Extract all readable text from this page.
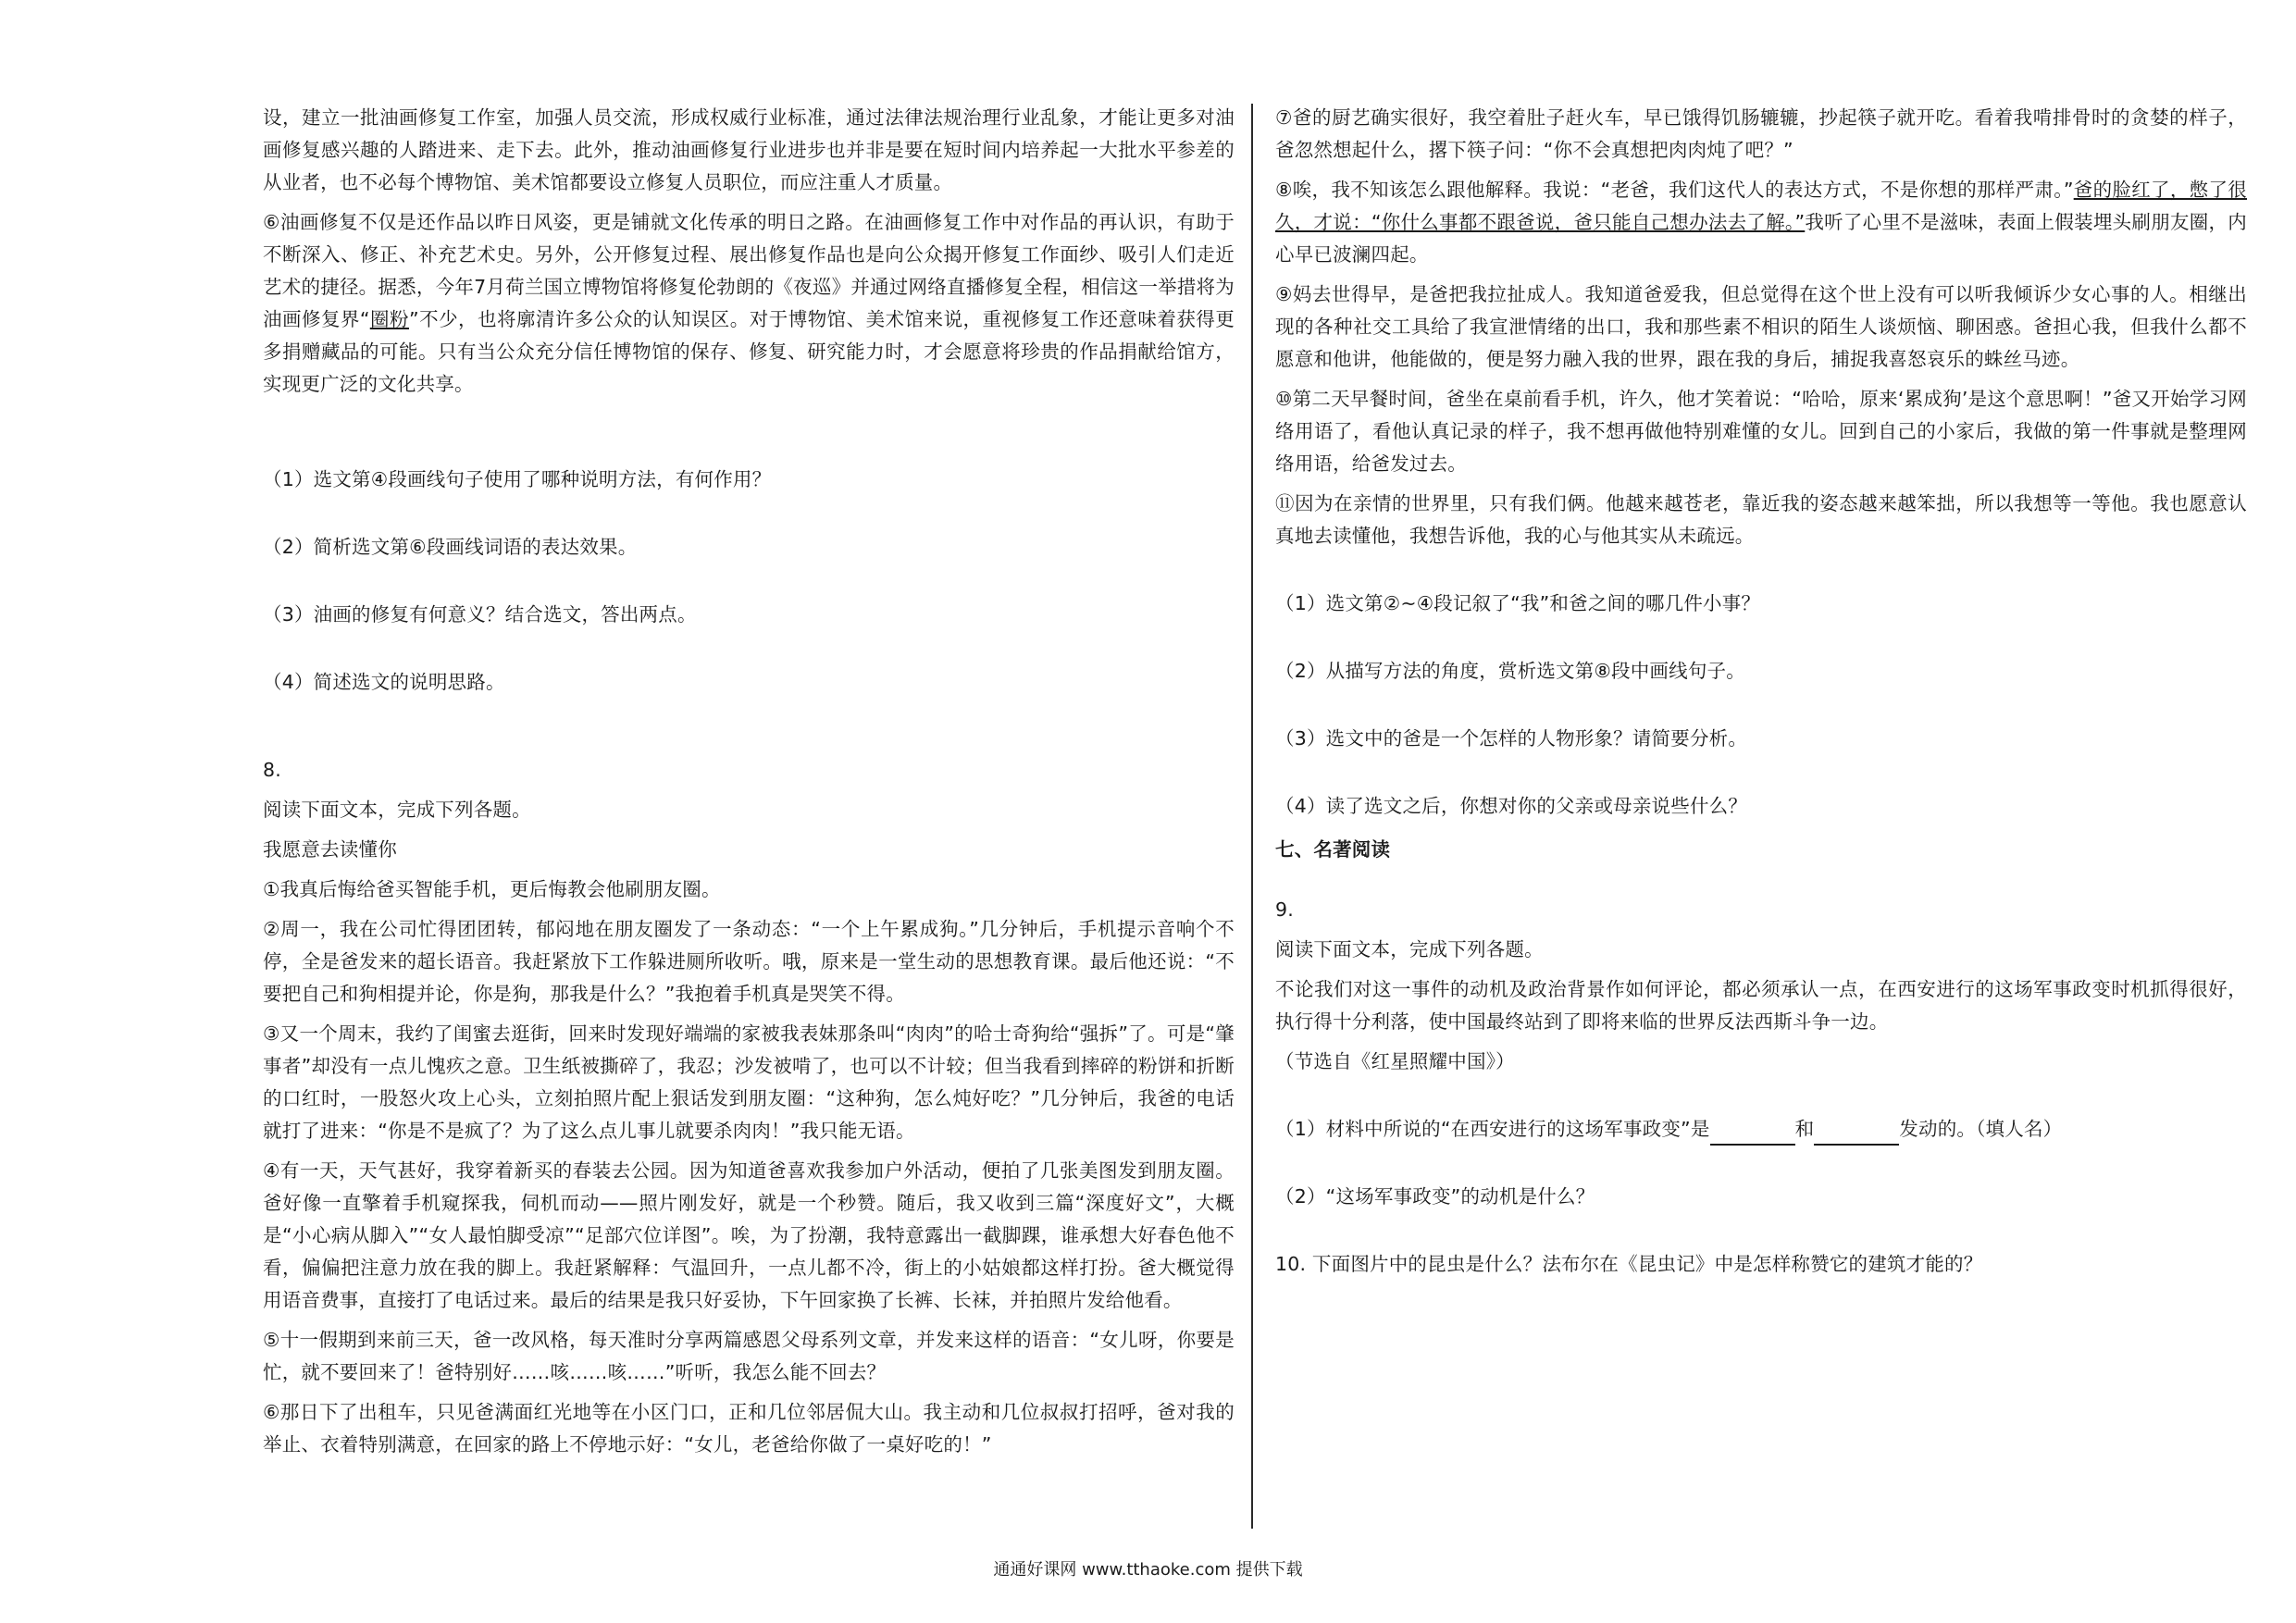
设，建立一批油画修复工作室，加强人员交流，形成权威行业标准，通过法律法规治理行业乱象，才能让更多对油画修复感兴趣的人踏进来、走下去。此外，推动油画修复行业进步也并非是要在短时间内培养起一大批水平参差的从业者，也不必每个博物馆、美术馆都要设立修复人员职位，而应注重人才质量。

⑥油画修复不仅是还作品以昨日风姿，更是铺就文化传承的明日之路。在油画修复工作中对作品的再认识，有助于不断深入、修正、补充艺术史。另外，公开修复过程、展出修复作品也是向公众揭开修复工作面纱、吸引人们走近艺术的捷径。据悉，今年7月荷兰国立博物馆将修复伦勃朗的《夜巡》并通过网络直播修复全程，相信这一举措将为油画修复界“圈粉”不少，也将廓清许多公众的认知误区。对于博物馆、美术馆来说，重视修复工作还意味着获得更多捐赠藏品的可能。只有当公众充分信任博物馆的保存、修复、研究能力时，才会愿意将珍贵的作品捐献给馆方，实现更广泛的文化共享。

（1）选文第④段画线句子使用了哪种说明方法，有何作用？

（2）简析选文第⑥段画线词语的表达效果。

（3）油画的修复有何意义？结合选文，答出两点。

（4）简述选文的说明思路。

8.

阅读下面文本，完成下列各题。

我愿意去读懂你

①我真后悔给爸买智能手机，更后悔教会他刷朋友圈。

②周一，我在公司忙得团团转，郁闷地在朋友圈发了一条动态：“一个上午累成狗。”几分钟后，手机提示音响个不停，全是爸发来的超长语音。我赶紧放下工作躲进厕所收听。哦，原来是一堂生动的思想教育课。最后他还说：“不要把自己和狗相提并论，你是狗，那我是什么？”我抱着手机真是哭笑不得。

③又一个周末，我约了闺蜜去逛街，回来时发现好端端的家被我表妹那条叫“肉肉”的哈士奇狗给“强拆”了。可是“肇事者”却没有一点儿愧疚之意。卫生纸被撕碎了，我忍；沙发被啃了，也可以不计较；但当我看到摔碎的粉饼和折断的口红时，一股怒火攻上心头，立刻拍照片配上狠话发到朋友圈：“这种狗，怎么炖好吃？”几分钟后，我爸的电话就打了进来：“你是不是疯了？为了这么点儿事儿就要杀肉肉！”我只能无语。

④有一天，天气甚好，我穿着新买的春装去公园。因为知道爸喜欢我参加户外活动，便拍了几张美图发到朋友圈。爸好像一直擎着手机窥探我，伺机而动——照片刚发好，就是一个秒赞。随后，我又收到三篇“深度好文”，大概是“小心病从脚入”“女人最怕脚受凉”“足部穴位详图”。唉，为了扮潮，我特意露出一截脚踝，谁承想大好春色他不看，偏偏把注意力放在我的脚上。我赶紧解释：气温回升，一点儿都不冷，街上的小姑娘都这样打扮。爸大概觉得用语音费事，直接打了电话过来。最后的结果是我只好妥协，下午回家换了长裤、长袜，并拍照片发给他看。

⑤十一假期到来前三天，爸一改风格，每天准时分享两篇感恩父母系列文章，并发来这样的语音：“女儿呀，你要是忙，就不要回来了！爸特别好……咳……咳……”听听，我怎么能不回去？

⑥那日下了出租车，只见爸满面红光地等在小区门口，正和几位邻居侃大山。我主动和几位叔叔打招呼，爸对我的举止、衣着特别满意，在回家的路上不停地示好：“女儿，老爸给你做了一桌好吃的！”

⑦爸的厨艺确实很好，我空着肚子赶火车，早已饿得饥肠辘辘，抄起筷子就开吃。看着我啃排骨时的贪婪的样子，爸忽然想起什么，撂下筷子问：“你不会真想把肉肉炖了吧？”

⑧唉，我不知该怎么跟他解释。我说：“老爸，我们这代人的表达方式，不是你想的那样严肃。”爸的脸红了，憋了很久，才说：“你什么事都不跟爸说，爸只能自己想办法去了解。”我听了心里不是滋味，表面上假装埋头刷朋友圈，内心早已波澜四起。

⑨妈去世得早，是爸把我拉扯成人。我知道爸爱我，但总觉得在这个世上没有可以听我倾诉少女心事的人。相继出现的各种社交工具给了我宣泄情绪的出口，我和那些素不相识的陌生人谈烦恼、聊困惑。爸担心我，但我什么都不愿意和他讲，他能做的，便是努力融入我的世界，跟在我的身后，捕捉我喜怒哀乐的蛛丝马迹。

⑩第二天早餐时间，爸坐在桌前看手机，许久，他才笑着说：“哈哈，原来‘累成狗’是这个意思啊！”爸又开始学习网络用语了，看他认真记录的样子，我不想再做他特别难懂的女儿。回到自己的小家后，我做的第一件事就是整理网络用语，给爸发过去。

⑪因为在亲情的世界里，只有我们俩。他越来越苍老，靠近我的姿态越来越笨拙，所以我想等一等他。我也愿意认真地去读懂他，我想告诉他，我的心与他其实从未疏远。

（1）选文第②~④段记叙了“我”和爸之间的哪几件小事？

（2）从描写方法的角度，赏析选文第⑧段中画线句子。

（3）选文中的爸是一个怎样的人物形象？请简要分析。

（4）读了选文之后，你想对你的父亲或母亲说些什么？

七、名著阅读

9.

阅读下面文本，完成下列各题。

不论我们对这一事件的动机及政治背景作如何评论，都必须承认一点，在西安进行的这场军事政变时机抓得很好，执行得十分利落，使中国最终站到了即将来临的世界反法西斯斗争一边。

（节选自《红星照耀中国》）

（1）材料中所说的“在西安进行的这场军事政变”是	和	发动的。（填人名）

（2）“这场军事政变”的动机是什么？

10. 下面图片中的昆虫是什么？法布尔在《昆虫记》中是怎样称赞它的建筑才能的？

通通好课网 www.tthaoke.com 提供下载
